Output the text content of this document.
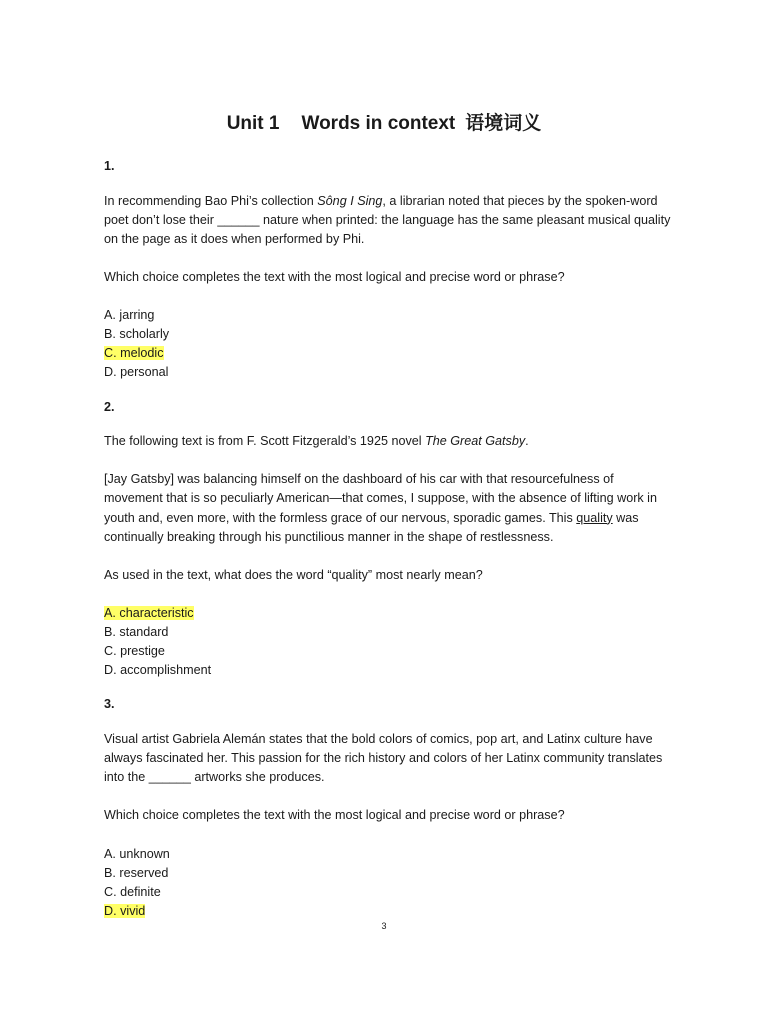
Unit 1 Words in context 语境词义
1.
In recommending Bao Phi’s collection Sông I Sing, a librarian noted that pieces by the spoken-word poet don’t lose their ______ nature when printed: the language has the same pleasant musical quality on the page as it does when performed by Phi.
Which choice completes the text with the most logical and precise word or phrase?
A. jarring
B. scholarly
C. melodic
D. personal
2.
The following text is from F. Scott Fitzgerald’s 1925 novel The Great Gatsby.
[Jay Gatsby] was balancing himself on the dashboard of his car with that resourcefulness of movement that is so peculiarly American—that comes, I suppose, with the absence of lifting work in youth and, even more, with the formless grace of our nervous, sporadic games. This quality was continually breaking through his punctilious manner in the shape of restlessness.
As used in the text, what does the word “quality” most nearly mean?
A. characteristic
B. standard
C. prestige
D. accomplishment
3.
Visual artist Gabriela Alemán states that the bold colors of comics, pop art, and Latinx culture have always fascinated her. This passion for the rich history and colors of her Latinx community translates into the ______ artworks she produces.
Which choice completes the text with the most logical and precise word or phrase?
A. unknown
B. reserved
C. definite
D. vivid
3
